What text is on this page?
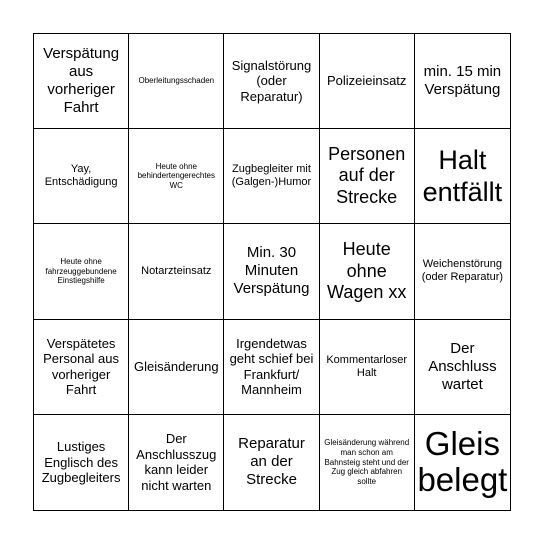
Verspätung aus vorheriger Fahrt
Oberleitungsschaden
Signalstörung (oder Reparatur)
Polizeieinsatz
min. 15 min Verspätung
Yay, Entschädigung
Heute ohne behindertengerechtes WC
Zugbegleiter mit (Galgen-)Humor
Personen auf der Strecke
Halt entfällt
Heute ohne fahrzeuggebundene Einstiegshilfe
Notarzteinsatz
Min. 30 Minuten Verspätung
Heute ohne Wagen xx
Weichenstörung (oder Reparatur)
Verspätetes Personal aus vorheriger Fahrt
Gleisänderung
Irgendetwas geht schief bei Frankfurt/ Mannheim
Kommentarloser Halt
Der Anschluss wartet
Lustiges Englisch des Zugbegleiters
Der Anschlusszug kann leider nicht warten
Reparatur an der Strecke
Gleisänderung während man schon am Bahnsteig steht und der Zug gleich abfahren sollte
Gleis belegt
